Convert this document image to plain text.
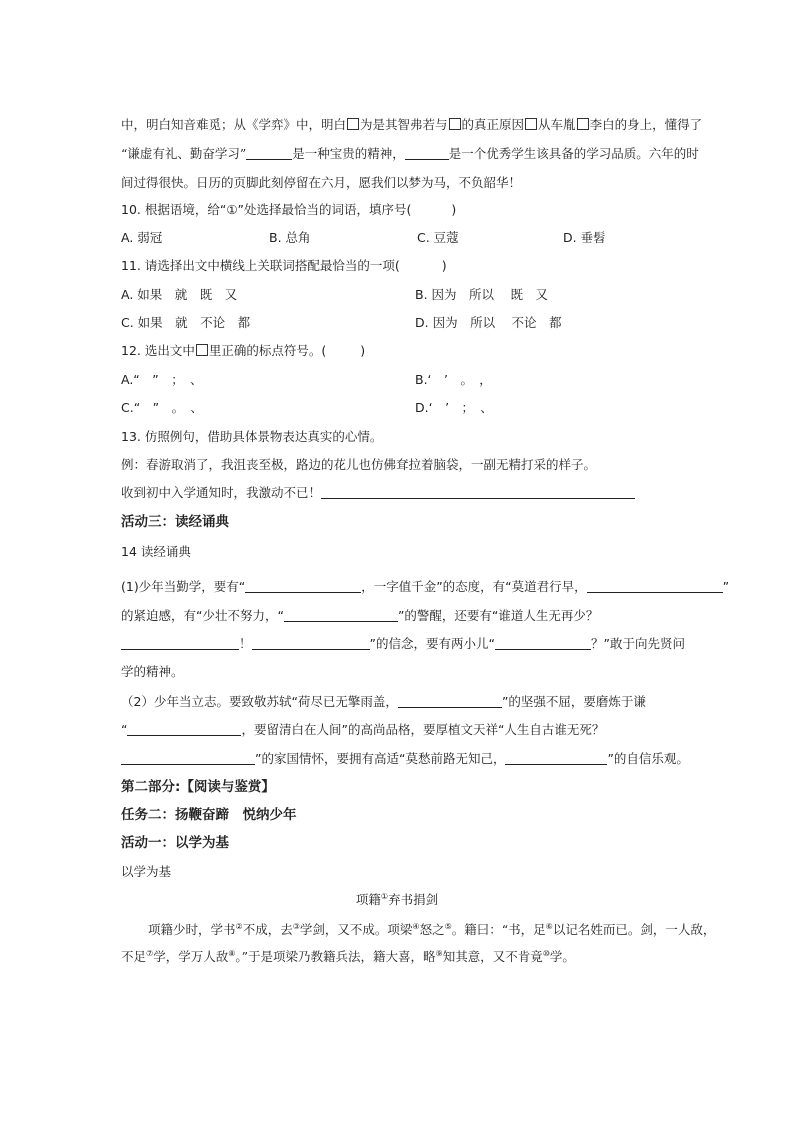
中，明白知音难觅；从《学弈》中，明白 为是其智弗若与 的真正原因 从车胤 李白的身上，懂得了
“谦虚有礼、勤奋学习”	是一种宝贵的精神，	是一个优秀学生该具备的学习品质。六年的时
间过得很快。日历的页脚此刻停留在六月，愿我们以梦为马，不负韶华！
10. 根据语境，给“①”处选择最恰当的词语，填序号(	)
A. 弱冠	B. 总角	C. 豆蔻	D. 垂髫
11. 请选择出文中横线上关联词搭配最恰当的一项(	)
A. 如果　就　既　又	B. 因为　所以　 既　又
C. 如果　就　不论　都	D. 因为　所以　 不论　都
12. 选出文中 里正确的标点符号。(	)
A.“　”　；　、	B.‘　’　。　，
C.“　”　。　、	D.‘　’　；　、
13. 仿照例句，借助具体景物表达真实的心情。
例：春游取消了，我沮丧至极，路边的花儿也仿佛耷拉着脑袋，一副无精打采的样子。
收到初中入学通知时，我激动不已！
活动三：读经诵典
14 读经诵典
(1)少年当勤学，要有“	，一字值千金”的态度，有“莫道君行早，	”
的紧迫感，有“少壮不努力，“	”的警醒，还要有“谁道人生无再少？
！	”的信念，要有两小儿“	？”敢于向先贤问
学的精神。
（2）少年当立志。要致敬苏轼“荷尽已无擎雨盖，	”的坚强不屈，要磨炼于谦
“	，要留清白在人间”的高尚品格，要厚植文天祥“人生自古谁无死？
”的家国情怀，要拥有高适“莫愁前路无知己，	”的自信乐观。
第二部分:【阅读与鉴赏】
任务二：扬鞭奋蹄　悦纳少年
活动一：以学为基
以学为基
项籍①弃书捐剑
项籍少时，学书②不成，去③学剑，又不成。项梁④怒之⑤。籍曰：“书，足⑥以记名姓而已。剑，一人敌，
不足⑦学，学万人敌⑧。”于是项梁乃教籍兵法，籍大喜，略⑨知其意，又不肯竟⑩学。
